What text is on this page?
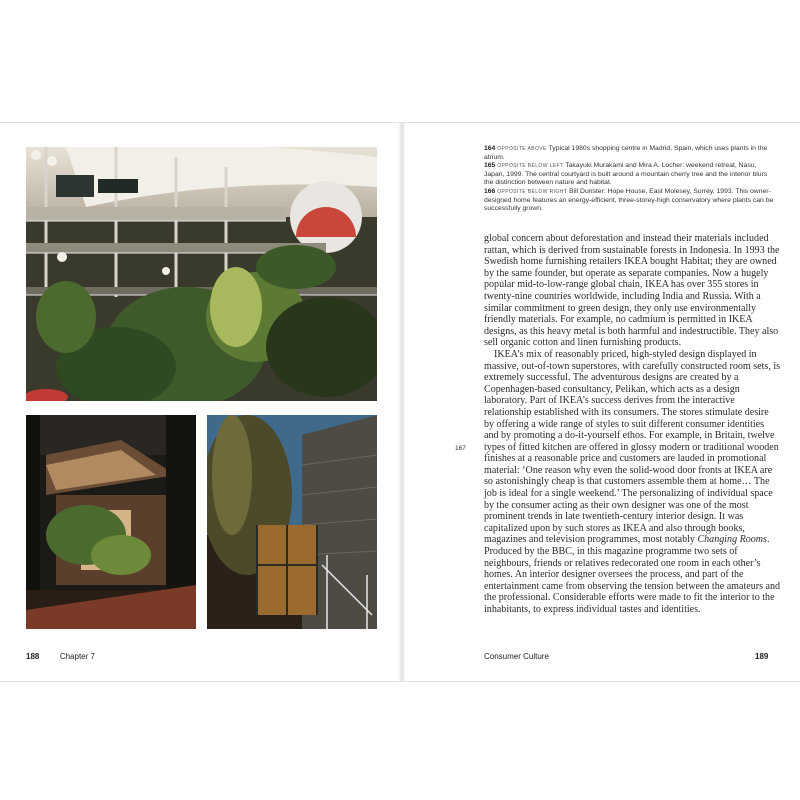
188	Chapter 7	Consumer Culture	189

164 OPPOSITE ABOVE Typical 1980s shopping centre in Madrid, Spain, which uses plants in the atrium.

165 OPPOSITE BELOW LEFT Takayuki Murakami and Mira A. Locher: weekend retreat, Nasu, Japan, 1999. The central courtyard is built around a mountain cherry tree and the interior blurs the distinction between nature and habitat.

166 OPPOSITE BELOW RIGHT Bill Dunster: Hope House, East Molesey, Surrey, 1993. This owner-designed home features an energy-efficient, three-storey-high conservatory where plants can be successfully grown.

167

global concern about deforestation and instead their materials included rattan, which is derived from sustainable forests in Indonesia. In 1993 the Swedish home furnishing retailers IKEA bought Habitat; they are owned by the same founder, but operate as separate companies. Now a hugely popular mid-to-low-range global chain, IKEA has over 355 stores in twenty-nine countries worldwide, including India and Russia. With a similar commitment to green design, they only use environmentally friendly materials. For example, no cadmium is permitted in IKEA designs, as this heavy metal is both harmful and indestructible. They also sell organic cotton and linen furnishing products.

IKEA’s mix of reasonably priced, high-styled design displayed in massive, out-of-town superstores, with carefully constructed room sets, is extremely successful. The adventurous designs are created by a Copenhagen-based consultancy, Pelikan, which acts as a design laboratory. Part of IKEA’s success derives from the interactive relationship established with its consumers. The stores stimulate desire by offering a wide range of styles to suit different consumer identities and by promoting a do-it-yourself ethos. For example, in Britain, twelve types of fitted kitchen are offered in glossy modern or traditional wooden finishes at a reasonable price and customers are lauded in promotional material: ‘One reason why even the solid-wood door fronts at IKEA are so astonishingly cheap is that customers assemble them at home… The job is ideal for a single weekend.’ The personalizing of individual space by the consumer acting as their own designer was one of the most prominent trends in late twentieth-century interior design. It was capitalized upon by such stores as IKEA and also through books, magazines and television programmes, most notably Changing Rooms. Produced by the BBC, in this magazine programme two sets of neighbours, friends or relatives redecorated one room in each other’s homes. An interior designer oversees the process, and part of the entertainment came from observing the tension between the amateurs and the professional. Considerable efforts were made to fit the interior to the inhabitants, to express individual tastes and identities.
